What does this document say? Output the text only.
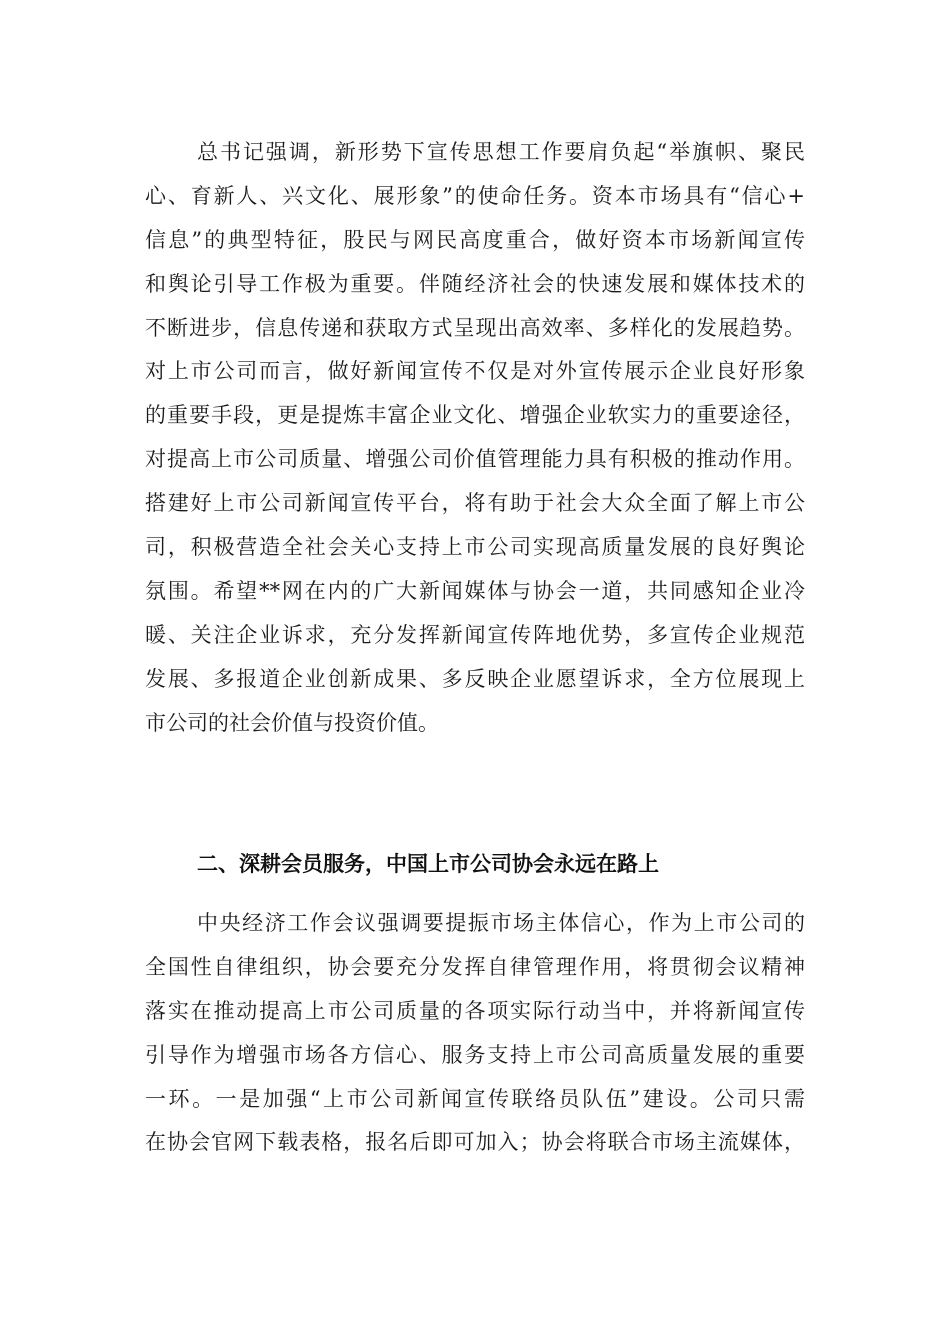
总书记强调，新形势下宣传思想工作要肩负起“举旗帜、聚民
心、育新人、兴文化、展形象”的使命任务。资本市场具有“信心+
信息”的典型特征，股民与网民高度重合，做好资本市场新闻宣传
和舆论引导工作极为重要。伴随经济社会的快速发展和媒体技术的
不断进步，信息传递和获取方式呈现出高效率、多样化的发展趋势。
对上市公司而言，做好新闻宣传不仅是对外宣传展示企业良好形象
的重要手段，更是提炼丰富企业文化、增强企业软实力的重要途径，
对提高上市公司质量、增强公司价值管理能力具有积极的推动作用。
搭建好上市公司新闻宣传平台，将有助于社会大众全面了解上市公
司，积极营造全社会关心支持上市公司实现高质量发展的良好舆论
氛围。希望**网在内的广大新闻媒体与协会一道，共同感知企业冷
暖、关注企业诉求，充分发挥新闻宣传阵地优势，多宣传企业规范
发展、多报道企业创新成果、多反映企业愿望诉求，全方位展现上
市公司的社会价值与投资价值。
二、深耕会员服务，中国上市公司协会永远在路上
中央经济工作会议强调要提振市场主体信心，作为上市公司的
全国性自律组织，协会要充分发挥自律管理作用，将贯彻会议精神
落实在推动提高上市公司质量的各项实际行动当中，并将新闻宣传
引导作为增强市场各方信心、服务支持上市公司高质量发展的重要
一环。一是加强“上市公司新闻宣传联络员队伍”建设。公司只需
在协会官网下载表格，报名后即可加入；协会将联合市场主流媒体，
